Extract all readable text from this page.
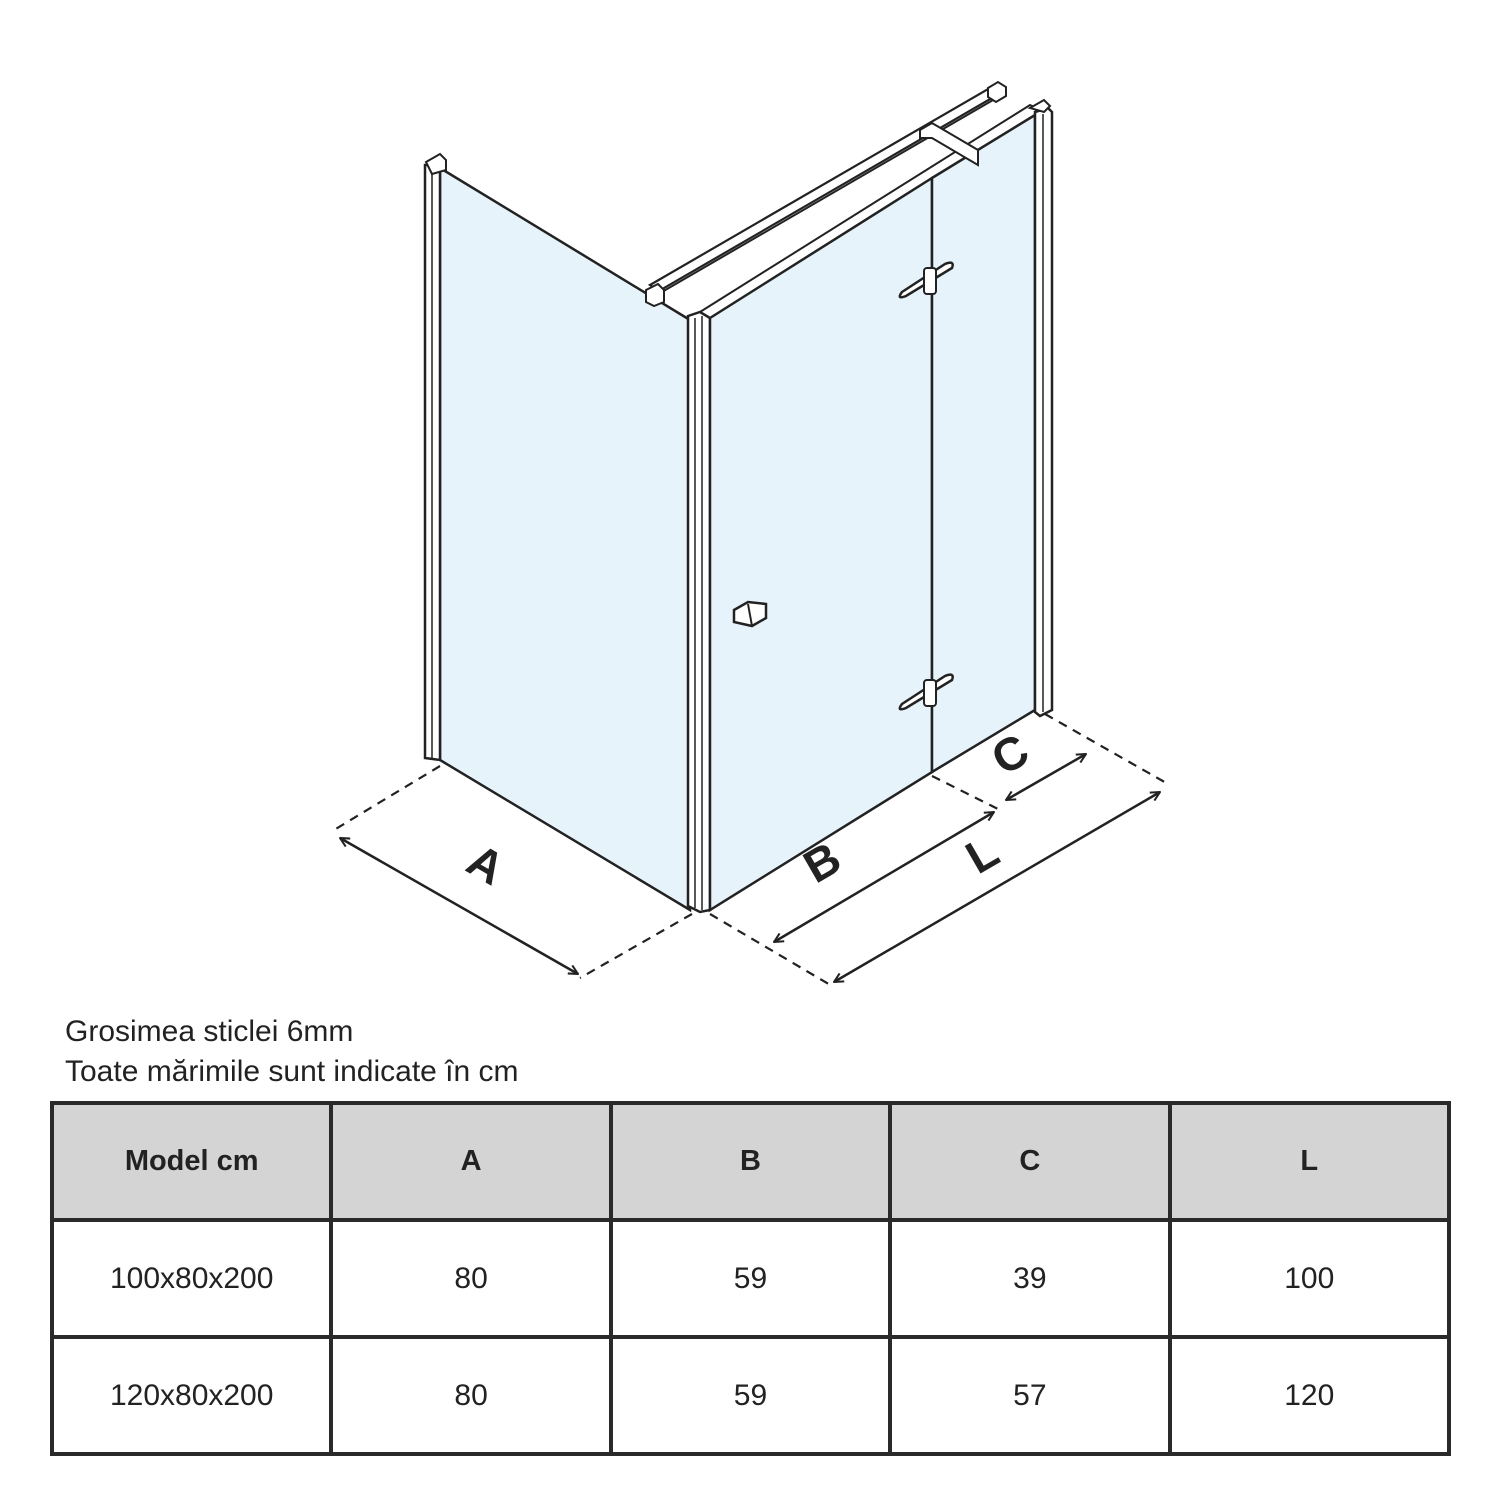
A	B
C
L
Grosimea sticlei 6mm
Toate mărimile sunt indicate în cm
Model cm	A	B	C	L
100x80x200	80	59	39	100
120x80x200	80	59	57	120
